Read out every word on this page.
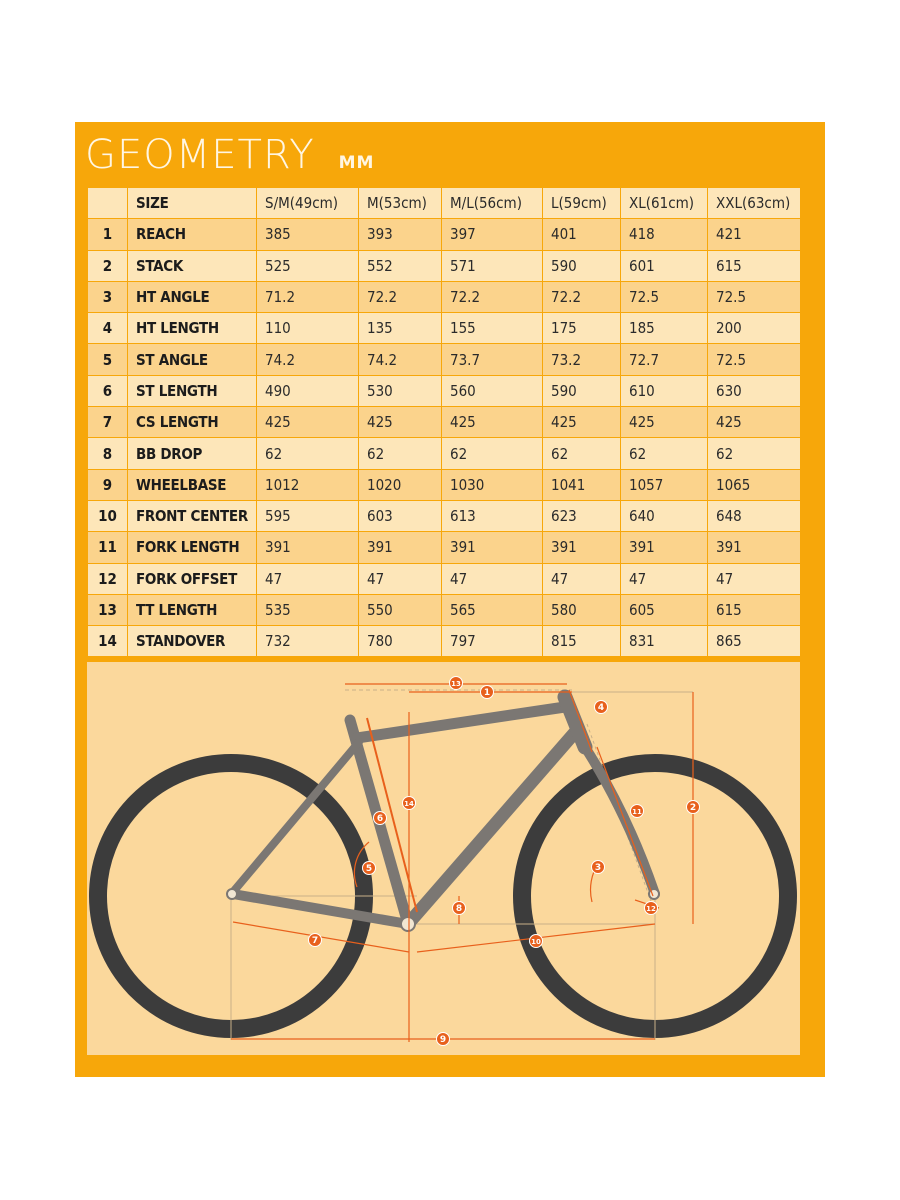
GEOMETRY MM
	SIZE	S/M(49cm)	M(53cm)	M/L(56cm)	L(59cm)	XL(61cm)	XXL(63cm)
1	REACH	385	393	397	401	418	421
2	STACK	525	552	571	590	601	615
3	HT ANGLE	71.2	72.2	72.2	72.2	72.5	72.5
4	HT LENGTH	110	135	155	175	185	200
5	ST ANGLE	74.2	74.2	73.7	73.2	72.7	72.5
6	ST LENGTH	490	530	560	590	610	630
7	CS LENGTH	425	425	425	425	425	425
8	BB DROP	62	62	62	62	62	62
9	WHEELBASE	1012	1020	1030	1041	1057	1065
10	FRONT CENTER	595	603	613	623	640	648
11	FORK LENGTH	391	391	391	391	391	391
12	FORK OFFSET	47	47	47	47	47	47
13	TT LENGTH	535	550	565	580	605	615
14	STANDOVER	732	780	797	815	831	865
1
2
3
4
5
6
7
8
9
10
11
12
13
14
